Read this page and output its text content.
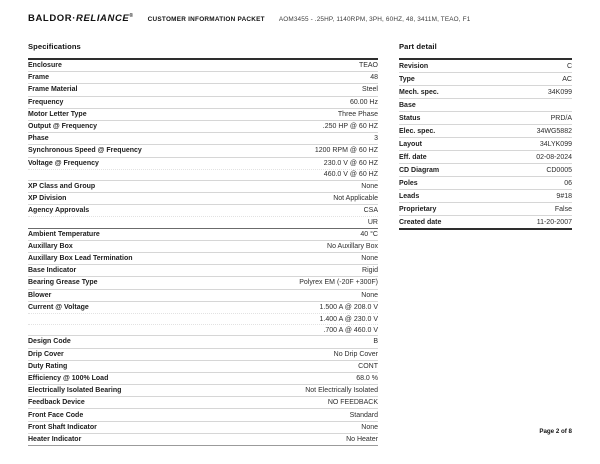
BALDOR·RELIANCE®
CUSTOMER INFORMATION PACKET AOM3455 - .25HP, 1140RPM, 3PH, 60HZ, 48, 3411M, TEAO, F1
Specifications
Enclosure	TEAO
Frame	48
Frame Material	Steel
Frequency	60.00 Hz
Motor Letter Type	Three Phase
Output @ Frequency	.250 HP @ 60 HZ
Phase	3
Synchronous Speed @ Frequency	1200 RPM @ 60 HZ
Voltage @ Frequency	230.0 V @ 60 HZ
460.0 V @ 60 HZ
XP Class and Group	None
XP Division	Not Applicable
Agency Approvals	CSA
UR
Ambient Temperature	40 °C
Auxillary Box	No Auxillary Box
Auxillary Box Lead Termination	None
Base Indicator	Rigid
Bearing Grease Type	Polyrex EM (-20F +300F)
Blower	None
Current @ Voltage	1.500 A @ 208.0 V
1.400 A @ 230.0 V
.700 A @ 460.0 V
Design Code	B
Drip Cover	No Drip Cover
Duty Rating	CONT
Efficiency @ 100% Load	68.0 %
Electrically Isolated Bearing	Not Electrically Isolated
Feedback Device	NO FEEDBACK
Front Face Code	Standard
Front Shaft Indicator	None
Heater Indicator	No Heater
Part detail
Revision	C
Type	AC
Mech. spec.	34K099
Base
Status	PRD/A
Elec. spec.	34WG5882
Layout	34LYK099
Eff. date	02-08-2024
CD Diagram	CD0005
Poles	06
Leads	9#18
Proprietary	False
Created date	11-20-2007
Page 2 of 8
